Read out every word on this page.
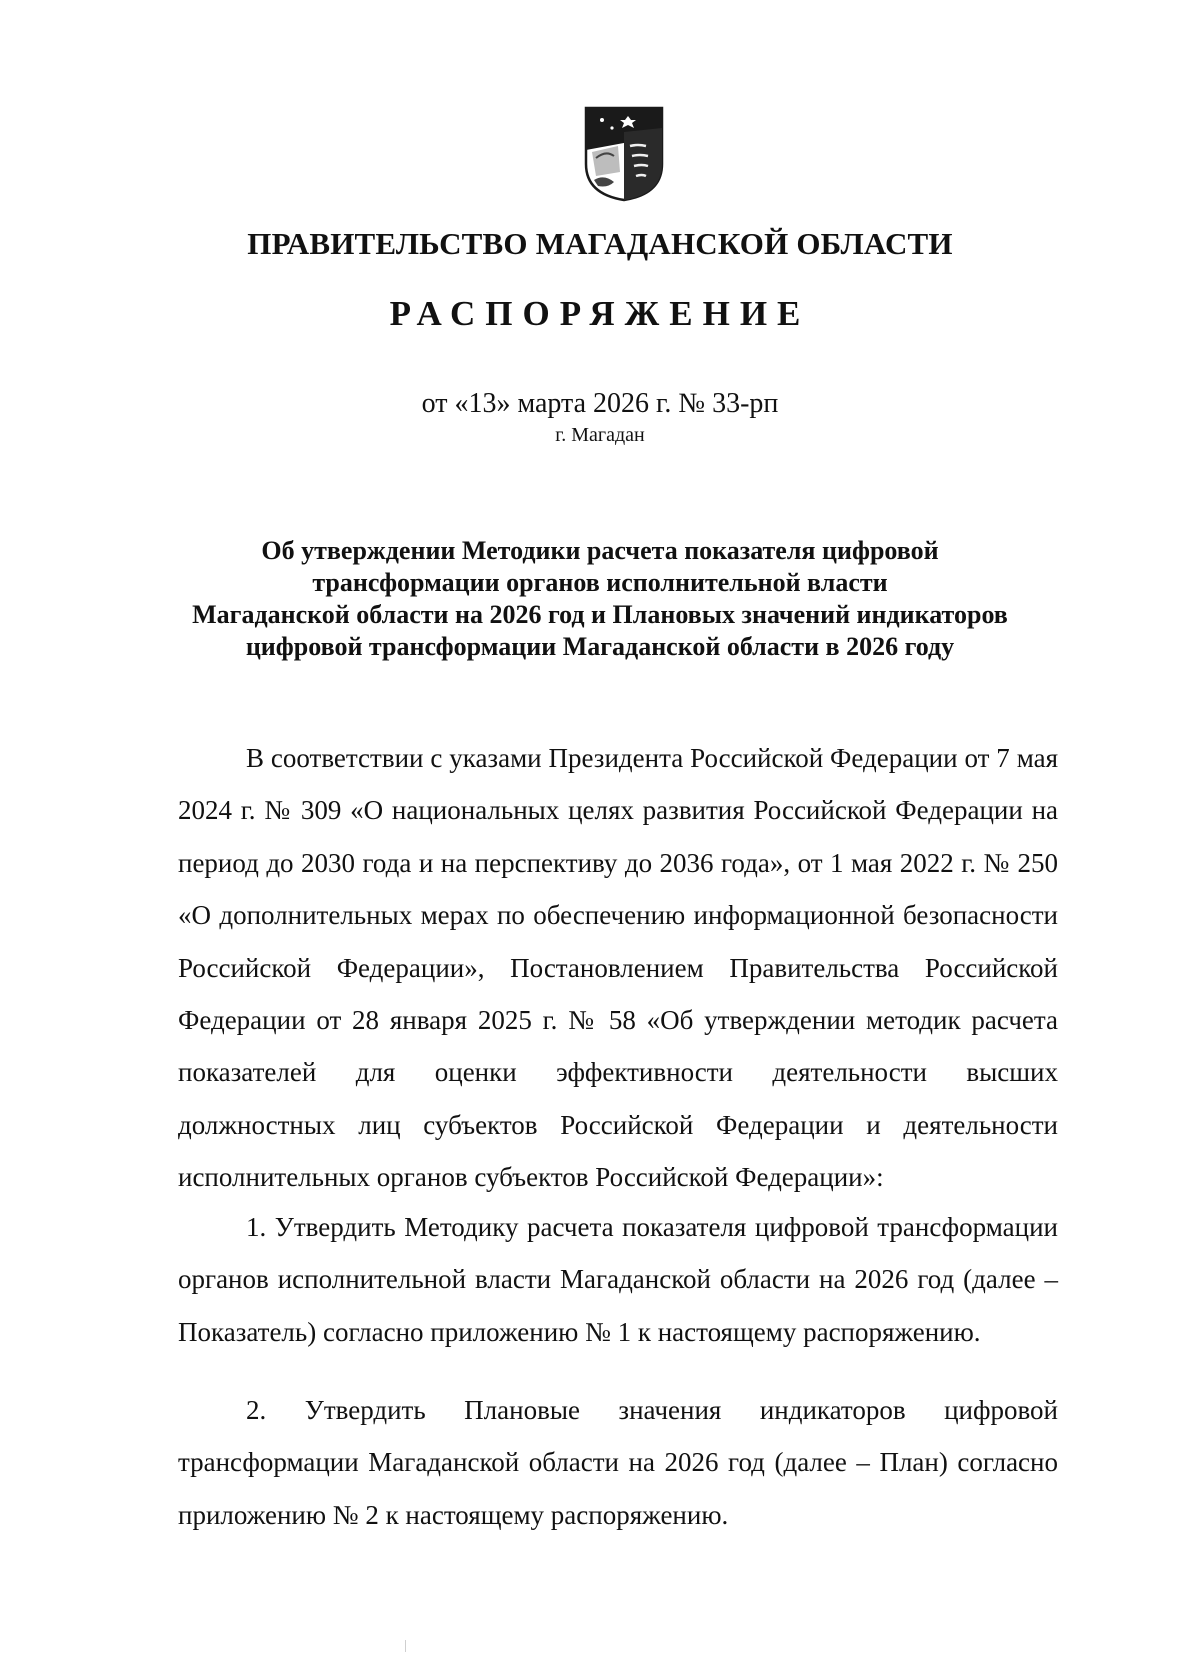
ПРАВИТЕЛЬСТВО МАГАДАНСКОЙ ОБЛАСТИ
РАСПОРЯЖЕНИЕ
от «13» марта 2026 г. № 33-рп
г. Магадан
Об утверждении Методики расчета показателя цифровой
трансформации органов исполнительной власти
Магаданской области на 2026 год и Плановых значений индикаторов
цифровой трансформации Магаданской области в 2026 году

В соответствии с указами Президента Российской Федерации от 7 мая 2024 г. № 309 «О национальных целях развития Российской Федерации на период до 2030 года и на перспективу до 2036 года», от 1 мая 2022 г. № 250 «О дополнительных мерах по обеспечению информационной безопасности Российской Федерации», Постановлением Правительства Российской Федерации от 28 января 2025 г. № 58 «Об утверждении методик расчета показателей для оценки эффективности деятельности высших должностных лиц субъектов Российской Федерации и деятельности исполнительных органов субъектов Российской Федерации»:

1. Утвердить Методику расчета показателя цифровой трансформации органов исполнительной власти Магаданской области на 2026 год (далее – Показатель) согласно приложению № 1 к настоящему распоряжению.

2. Утвердить Плановые значения индикаторов цифровой трансформации Магаданской области на 2026 год (далее – План) согласно приложению № 2 к настоящему распоряжению.
